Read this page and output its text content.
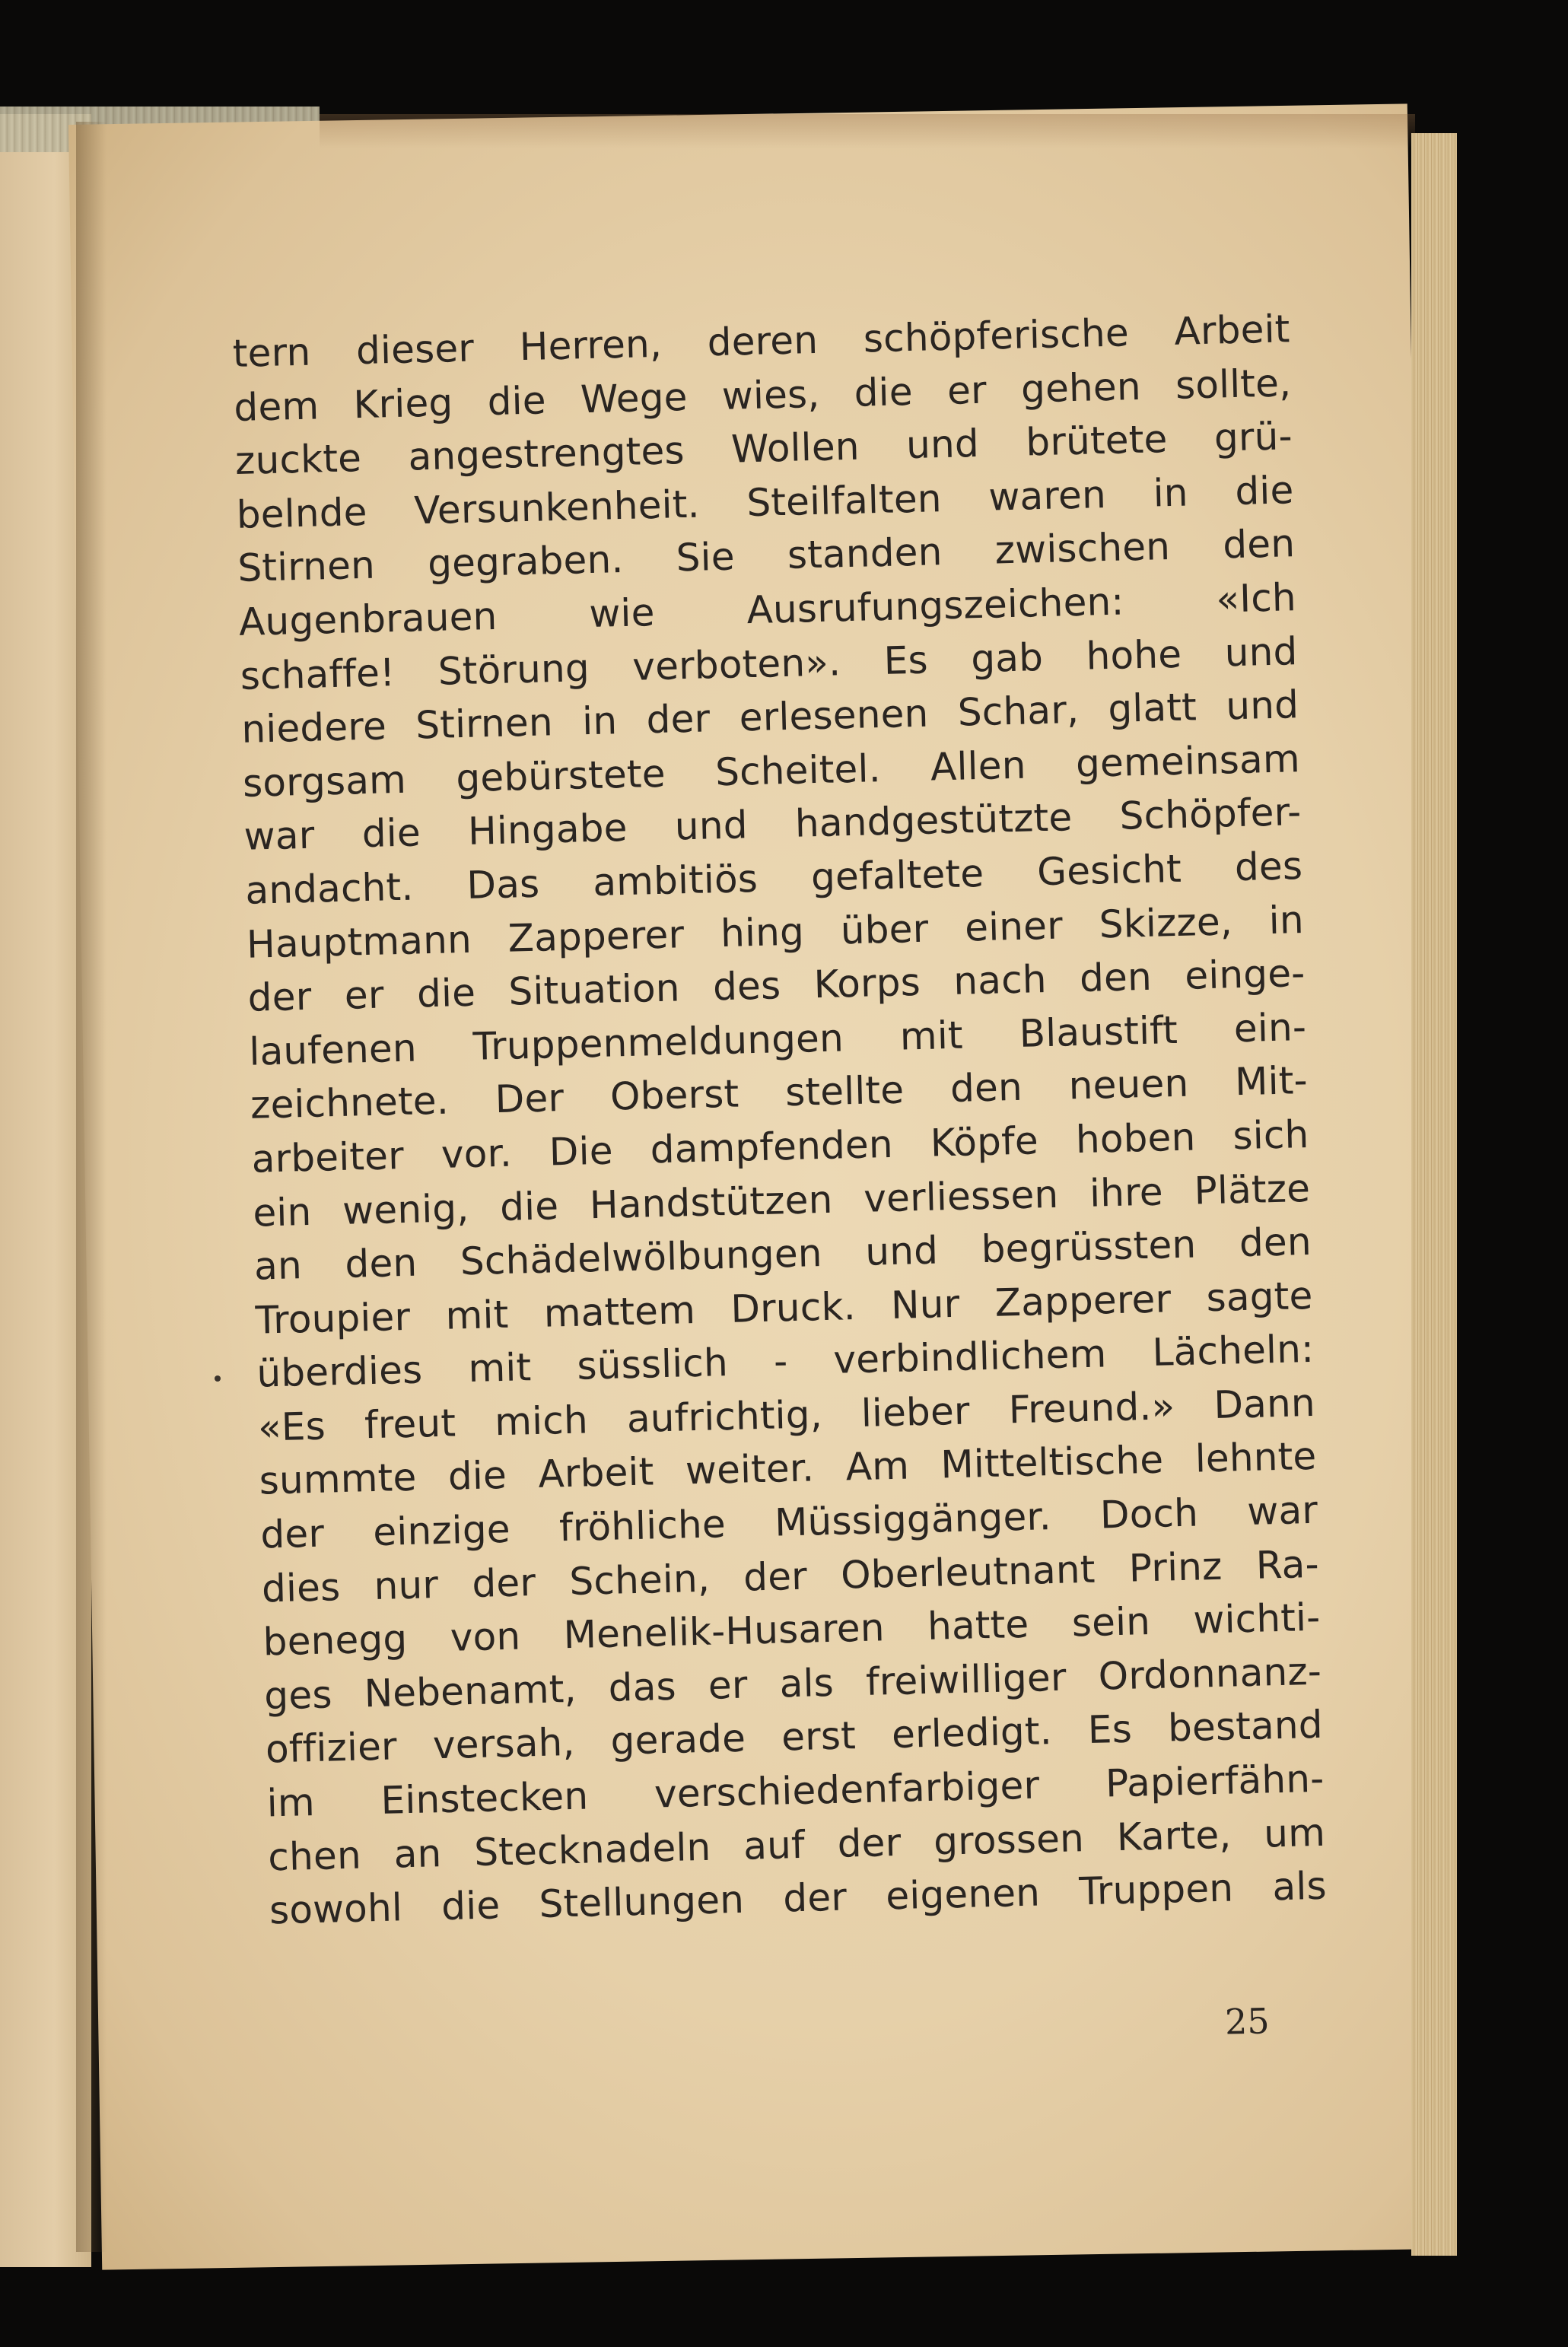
tern dieser Herren, deren schöpferische Arbeit
dem Krieg die Wege wies, die er gehen sollte,
zuckte angestrengtes Wollen und brütete grü-
belnde Versunkenheit. Steilfalten waren in die
Stirnen gegraben. Sie standen zwischen den
Augenbrauen wie Ausrufungszeichen: «Ich
schaffe! Störung verboten». Es gab hohe und
niedere Stirnen in der erlesenen Schar, glatt und
sorgsam gebürstete Scheitel. Allen gemeinsam
war die Hingabe und handgestützte Schöpfer-
andacht. Das ambitiös gefaltete Gesicht des
Hauptmann Zapperer hing über einer Skizze, in
der er die Situation des Korps nach den einge-
laufenen Truppenmeldungen mit Blaustift ein-
zeichnete. Der Oberst stellte den neuen Mit-
arbeiter vor. Die dampfenden Köpfe hoben sich
ein wenig, die Handstützen verliessen ihre Plätze
an den Schädelwölbungen und begrüssten den
Troupier mit mattem Druck. Nur Zapperer sagte
überdies mit süsslich - verbindlichem Lächeln:
«Es freut mich aufrichtig, lieber Freund.» Dann
summte die Arbeit weiter. Am Mitteltische lehnte
der einzige fröhliche Müssiggänger. Doch war
dies nur der Schein, der Oberleutnant Prinz Ra-
benegg von Menelik-Husaren hatte sein wichti-
ges Nebenamt, das er als freiwilliger Ordonnanz-
offizier versah, gerade erst erledigt. Es bestand
im Einstecken verschiedenfarbiger Papierfähn-
chen an Stecknadeln auf der grossen Karte, um
sowohl die Stellungen der eigenen Truppen als
25
